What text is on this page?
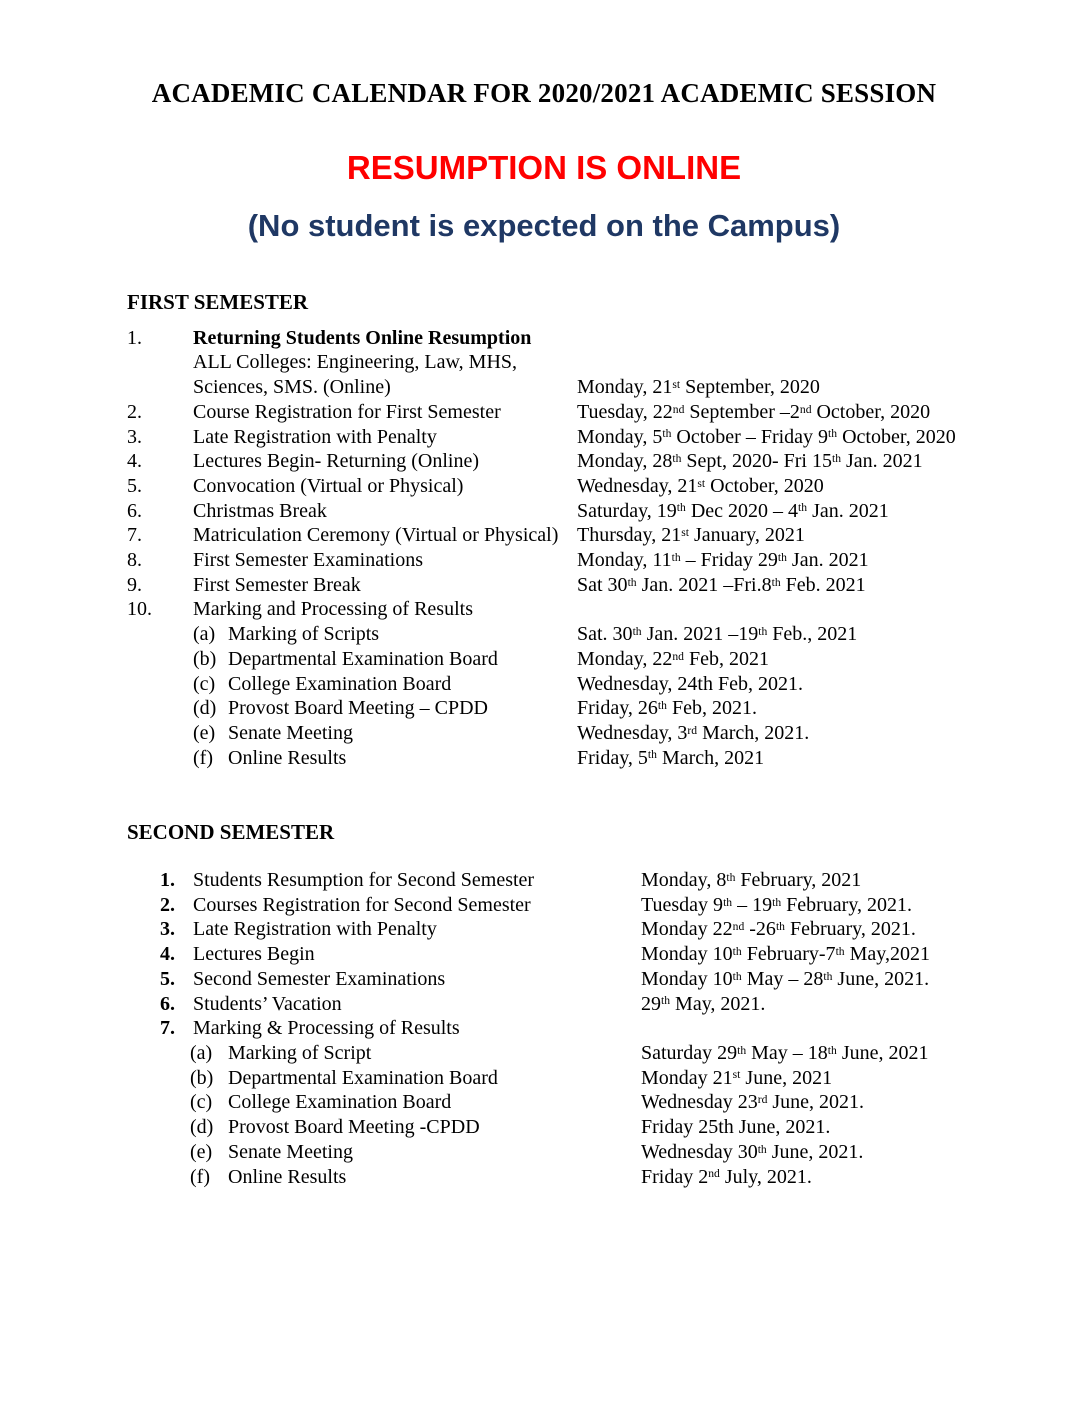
ACADEMIC CALENDAR FOR 2020/2021 ACADEMIC SESSION
RESUMPTION IS ONLINE
(No student is expected on the Campus)
FIRST SEMESTER
1.	Returning Students Online Resumption
ALL Colleges: Engineering, Law, MHS,
Sciences, SMS. (Online)	Monday, 21st September, 2020
2.	Course Registration for First Semester	Tuesday, 22nd September –2nd October, 2020
3.	Late Registration with Penalty	Monday, 5th October – Friday 9th October, 2020
4.	Lectures Begin- Returning (Online)	Monday, 28th Sept, 2020- Fri 15th Jan. 2021
5.	Convocation (Virtual or Physical)	Wednesday, 21st October, 2020
6.	Christmas Break	Saturday, 19th Dec 2020 – 4th Jan. 2021
7.	Matriculation Ceremony (Virtual or Physical) Thursday, 21st January, 2021
8.	First Semester Examinations	Monday, 11th – Friday 29th Jan. 2021
9.	First Semester Break	Sat 30th Jan. 2021 –Fri.8th Feb. 2021
10.	Marking and Processing of Results
(a) Marking of Scripts	Sat. 30th Jan. 2021 –19th Feb., 2021
(b) Departmental Examination Board	Monday, 22nd Feb, 2021
(c) College Examination Board	Wednesday, 24th Feb, 2021.
(d) Provost Board Meeting – CPDD	Friday, 26th Feb, 2021.
(e) Senate Meeting	Wednesday, 3rd March, 2021.
(f) Online Results	Friday, 5th March, 2021
SECOND SEMESTER
1. Students Resumption for Second Semester	Monday, 8th February, 2021
2. Courses Registration for Second Semester	Tuesday 9th – 19th February, 2021.
3. Late Registration with Penalty	Monday 22nd -26th February, 2021.
4. Lectures Begin	Monday 10th February-7th May,2021
5. Second Semester Examinations	Monday 10th May – 28th June, 2021.
6. Students’ Vacation	29th May, 2021.
7. Marking & Processing of Results
(a) Marking of Script	Saturday 29th May – 18th June, 2021
(b) Departmental Examination Board	Monday 21st June, 2021
(c) College Examination Board	Wednesday 23rd June, 2021.
(d) Provost Board Meeting -CPDD	Friday 25th June, 2021.
(e) Senate Meeting	Wednesday 30th June, 2021.
(f) Online Results	Friday 2nd July, 2021.
